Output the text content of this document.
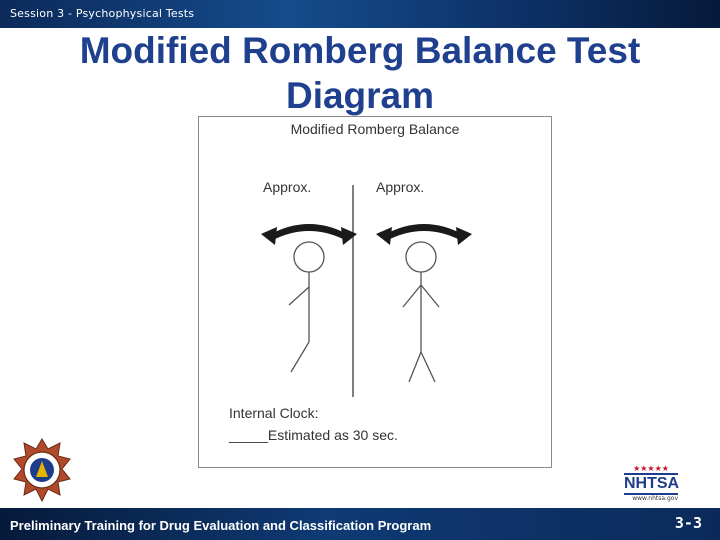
Session 3 - Psychophysical Tests
Modified Romberg Balance Test
Diagram
Modified Romberg Balance
Approx.	Approx.
Internal Clock:
_____Estimated as 30 sec.
★★★★★
NHTSA
www.nhtsa.gov
Preliminary Training for Drug Evaluation and Classification Program	3-3
